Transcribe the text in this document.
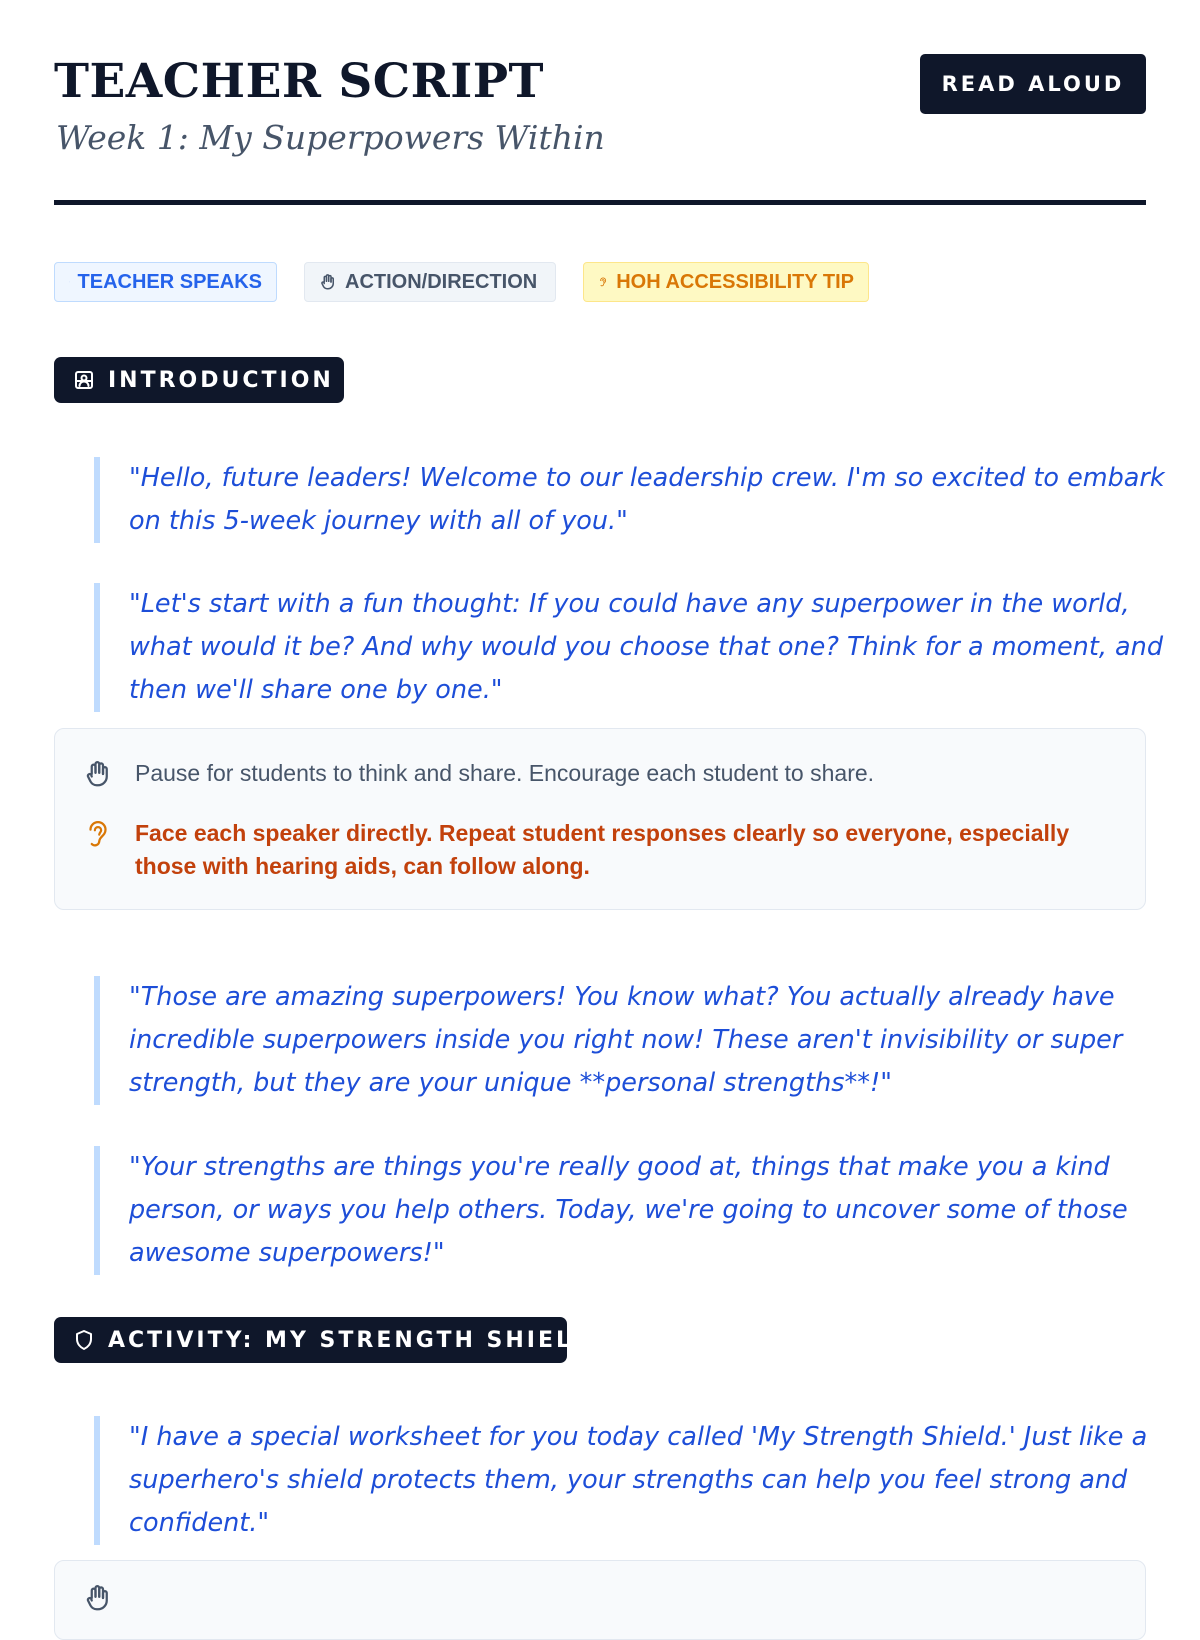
TEACHER SCRIPT

Week 1: My Superpowers Within

READ ALOUD
TEACHER SPEAKS	ACTION/DIRECTION	HOH ACCESSIBILITY TIP
INTRODUCTION
"Hello, future leaders! Welcome to our leadership crew. I'm so excited to embark on this 5-week journey with all of you."
"Let's start with a fun thought: If you could have any superpower in the world, what would it be? And why would you choose that one? Think for a moment, and then we'll share one by one."
Pause for students to think and share. Encourage each student to share.
Face each speaker directly. Repeat student responses clearly so everyone, especially those with hearing aids, can follow along.
"Those are amazing superpowers! You know what? You actually already have incredible superpowers inside you right now! These aren't invisibility or super strength, but they are your unique **personal strengths**!"
"Your strengths are things you're really good at, things that make you a kind person, or ways you help others. Today, we're going to uncover some of those awesome superpowers!"
ACTIVITY: MY STRENGTH SHIELD
"I have a special worksheet for you today called 'My Strength Shield.' Just like a superhero's shield protects them, your strengths can help you feel strong and confident."
